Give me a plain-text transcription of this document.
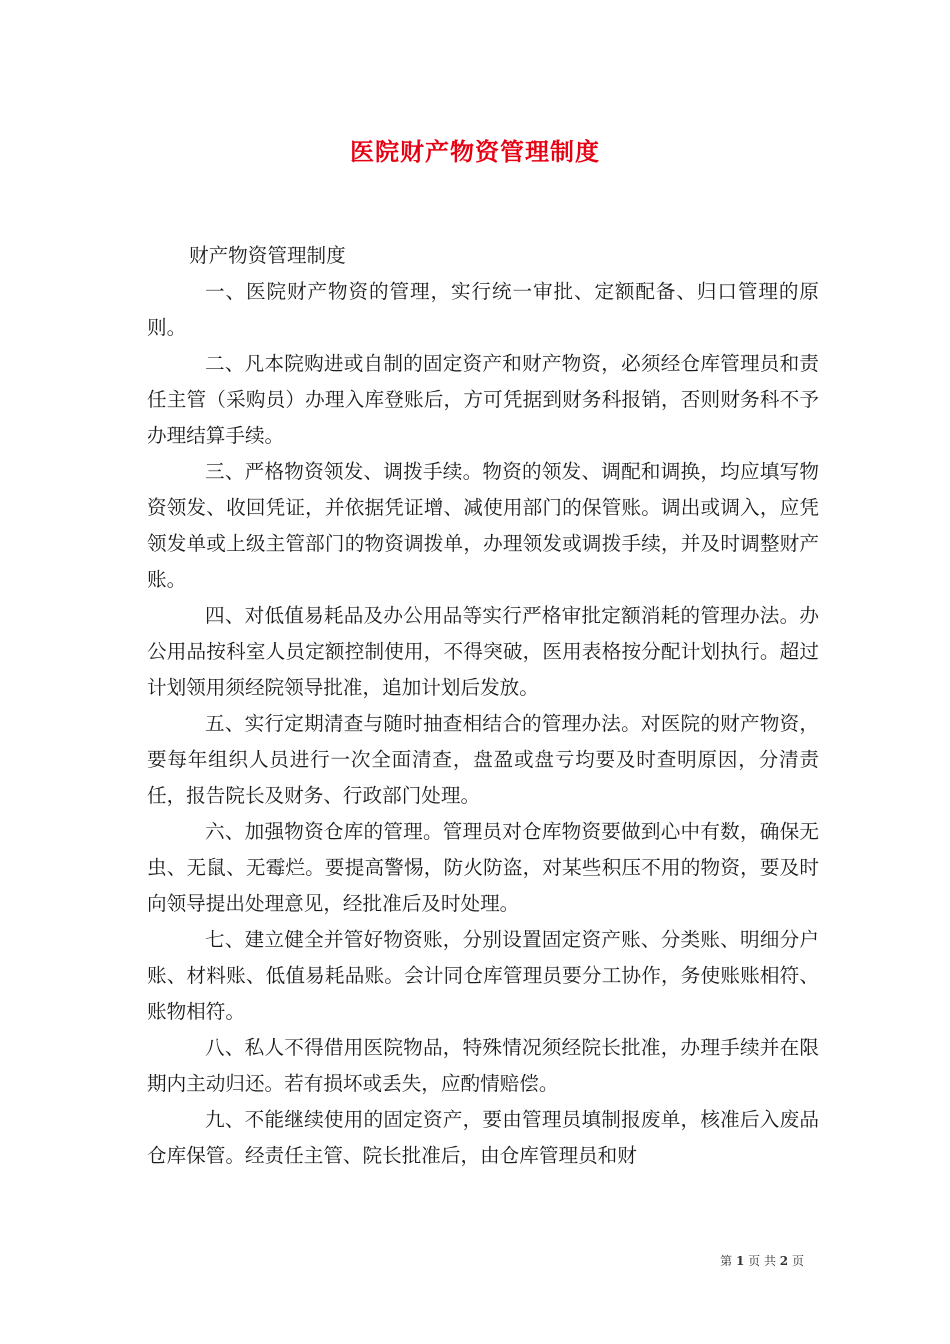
医院财产物资管理制度

财产物资管理制度

一、医院财产物资的管理，实行统一审批、定额配备、归口管理的原则。

二、凡本院购进或自制的固定资产和财产物资，必须经仓库管理员和责任主管（采购员）办理入库登账后，方可凭据到财务科报销，否则财务科不予办理结算手续。

三、严格物资领发、调拨手续。物资的领发、调配和调换，均应填写物资领发、收回凭证，并依据凭证增、减使用部门的保管账。调出或调入，应凭领发单或上级主管部门的物资调拨单，办理领发或调拨手续，并及时调整财产账。

四、对低值易耗品及办公用品等实行严格审批定额消耗的管理办法。办公用品按科室人员定额控制使用，不得突破，医用表格按分配计划执行。超过计划领用须经院领导批准，追加计划后发放。

五、实行定期清查与随时抽查相结合的管理办法。对医院的财产物资，要每年组织人员进行一次全面清查，盘盈或盘亏均要及时查明原因，分清责任，报告院长及财务、行政部门处理。

六、加强物资仓库的管理。管理员对仓库物资要做到心中有数，确保无虫、无鼠、无霉烂。要提高警惕，防火防盗，对某些积压不用的物资，要及时向领导提出处理意见，经批准后及时处理。

七、建立健全并管好物资账，分别设置固定资产账、分类账、明细分户账、材料账、低值易耗品账。会计同仓库管理员要分工协作，务使账账相符、账物相符。

八、私人不得借用医院物品，特殊情况须经院长批准，办理手续并在限期内主动归还。若有损坏或丢失，应酌情赔偿。

九、不能继续使用的固定资产，要由管理员填制报废单，核准后入废品仓库保管。经责任主管、院长批准后，由仓库管理员和财

第 1 页 共 2 页
